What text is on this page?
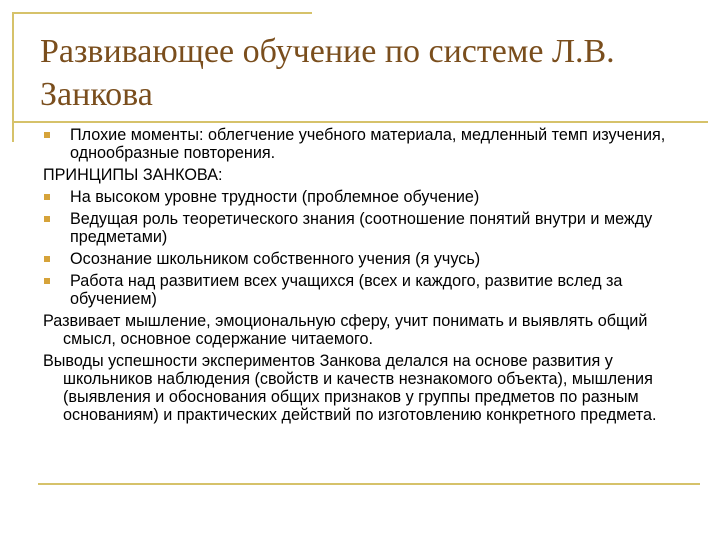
Развивающее обучение по системе Л.В. Занкова
Плохие моменты: облегчение учебного материала, медленный темп изучения, однообразные повторения.
ПРИНЦИПЫ ЗАНКОВА:
На высоком уровне трудности (проблемное обучение)
Ведущая роль теоретического знания (соотношение понятий внутри и между предметами)
Осознание школьником собственного учения (я учусь)
Работа над развитием всех учащихся (всех и каждого, развитие вслед за обучением)
Развивает мышление, эмоциональную сферу, учит понимать и выявлять общий смысл, основное содержание читаемого.
Выводы успешности экспериментов Занкова делался на основе развития у школьников наблюдения (свойств и качеств незнакомого объекта), мышления (выявления и обоснования общих признаков у группы предметов по разным основаниям) и практических действий по изготовлению конкретного предмета.
